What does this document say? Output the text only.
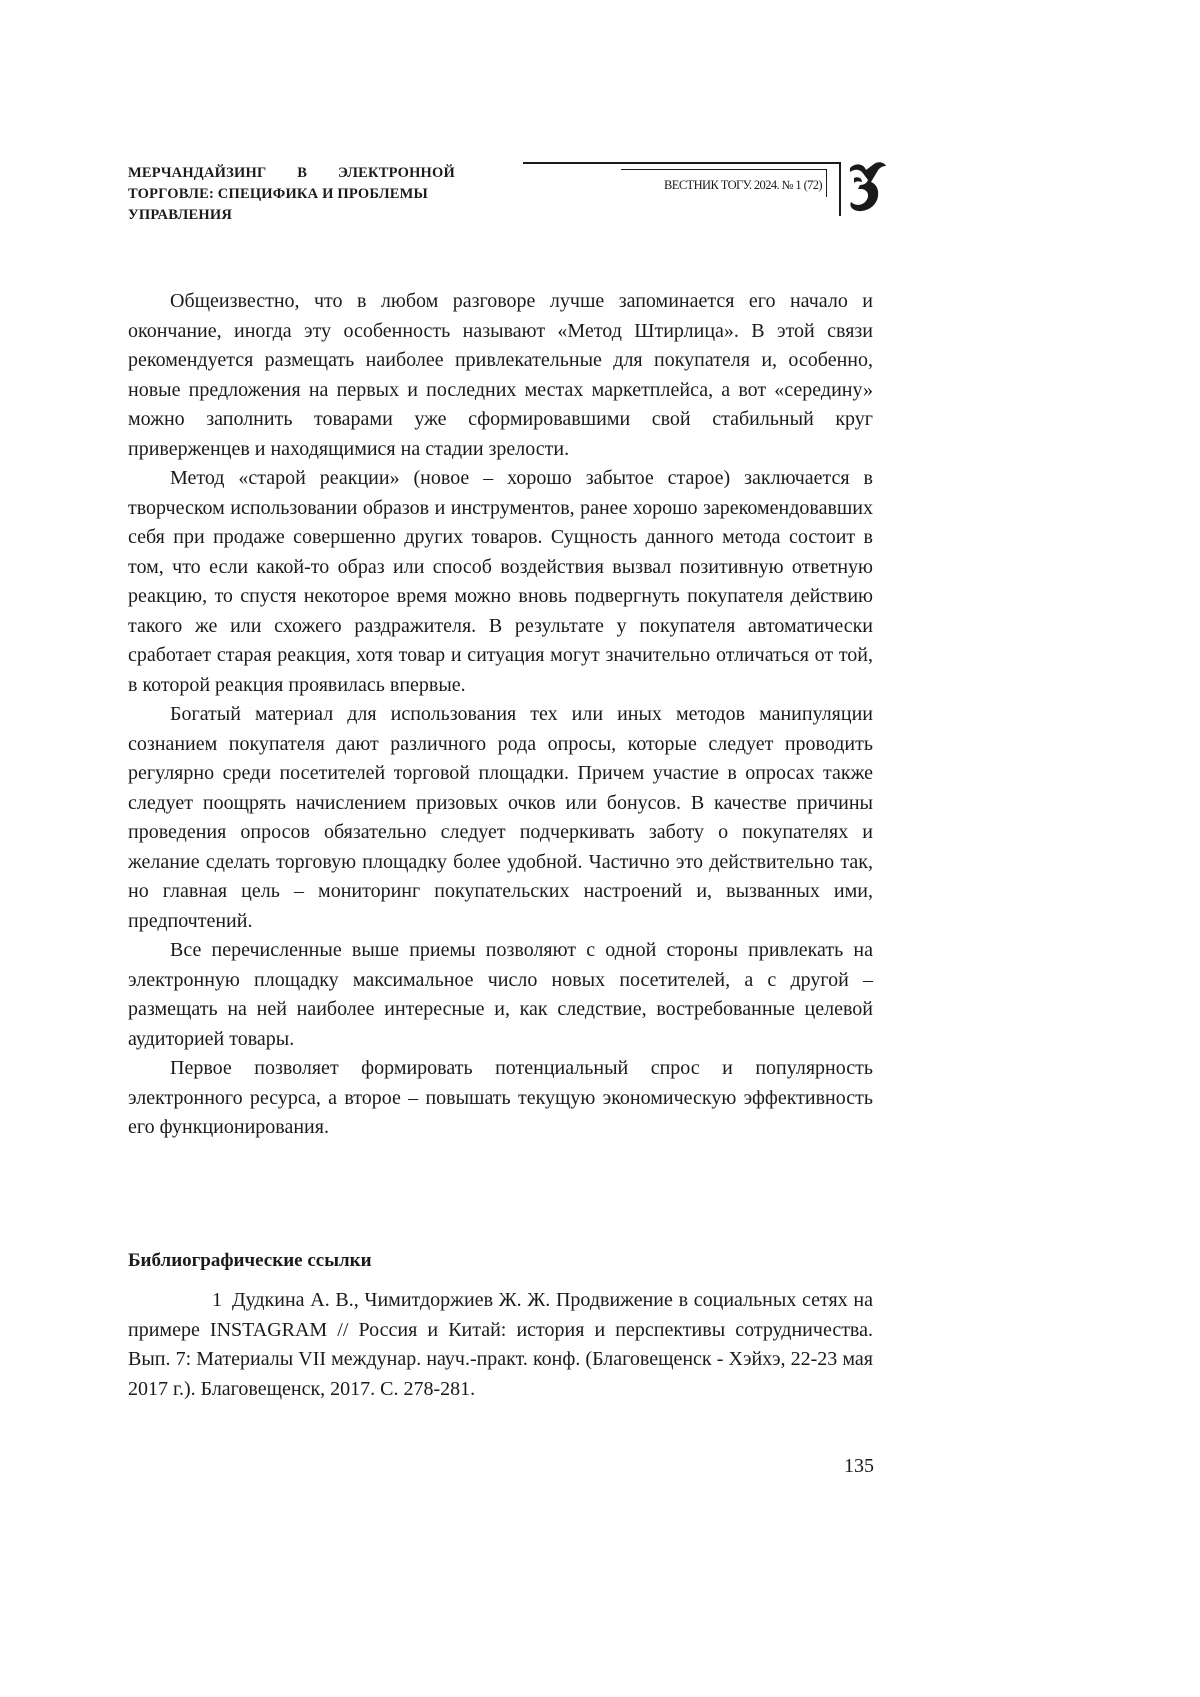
МЕРЧАНДАЙЗИНГ В ЭЛЕКТРОННОЙ
ТОРГОВЛЕ: СПЕЦИФИКА И ПРОБЛЕМЫ
УПРАВЛЕНИЯ
ВЕСТНИК ТОГУ. 2024. № 1 (72)

Общеизвестно, что в любом разговоре лучше запоминается его начало и окончание, иногда эту особенность называют «Метод Штирлица». В этой связи рекомендуется размещать наиболее привлекательные для покупателя и, особенно, новые предложения на первых и последних местах маркетплейса, а вот «середину» можно заполнить товарами уже сформировавшими свой стабильный круг приверженцев и находящимися на стадии зрелости.

Метод «старой реакции» (новое – хорошо забытое старое) заключается в творческом использовании образов и инструментов, ранее хорошо зарекомендовавших себя при продаже совершенно других товаров. Сущность данного метода состоит в том, что если какой-то образ или способ воздействия вызвал позитивную ответную реакцию, то спустя некоторое время можно вновь подвергнуть покупателя действию такого же или схожего раздражителя. В результате у покупателя автоматически сработает старая реакция, хотя товар и ситуация могут значительно отличаться от той, в которой реакция проявилась впервые.

Богатый материал для использования тех или иных методов манипуляции сознанием покупателя дают различного рода опросы, которые следует проводить регулярно среди посетителей торговой площадки. Причем участие в опросах также следует поощрять начислением призовых очков или бонусов. В качестве причины проведения опросов обязательно следует подчеркивать заботу о покупателях и желание сделать торговую площадку более удобной. Частично это действительно так, но главная цель – мониторинг покупательских настроений и, вызванных ими, предпочтений.

Все перечисленные выше приемы позволяют с одной стороны привлекать на электронную площадку максимальное число новых посетителей, а с другой – размещать на ней наиболее интересные и, как следствие, востребованные целевой аудиторией товары.

Первое позволяет формировать потенциальный спрос и популярность электронного ресурса, а второе – повышать текущую экономическую эффективность его функционирования.

Библиографические ссылки

1 Дудкина А. В., Чимитдоржиев Ж. Ж. Продвижение в социальных сетях на примере INSTAGRAM // Россия и Китай: история и перспективы сотрудничества. Вып. 7: Материалы VII междунар. науч.-практ. конф. (Благовещенск - Хэйхэ, 22-23 мая 2017 г.). Благовещенск, 2017. С. 278-281.

135
